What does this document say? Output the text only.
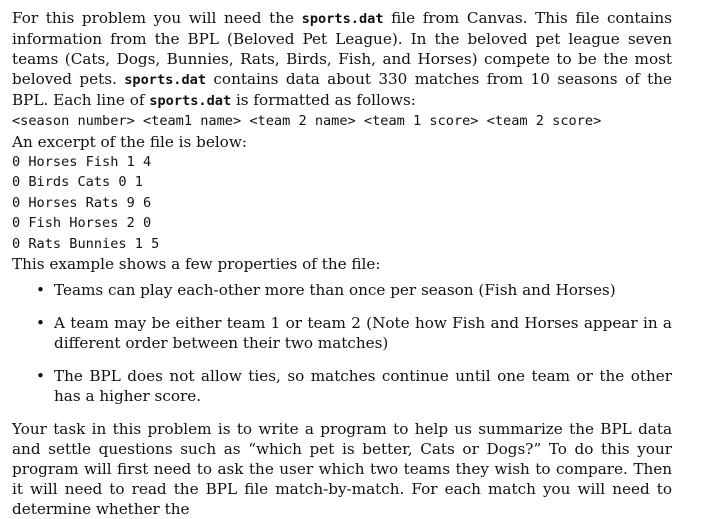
For this problem you will need the sports.dat file from Canvas. This file contains information from the BPL (Beloved Pet League). In the beloved pet league seven teams (Cats, Dogs, Bunnies, Rats, Birds, Fish, and Horses) compete to be the most beloved pets. sports.dat contains data about 330 matches from 10 seasons of the BPL. Each line of sports.dat is formatted as follows:

<season number> <team1 name> <team 2 name> <team 1 score> <team 2 score>

An excerpt of the file is below:

0 Horses Fish 1 4

0 Birds Cats 0 1

0 Horses Rats 9 6

0 Fish Horses 2 0

0 Rats Bunnies 1 5

This example shows a few properties of the file:

• Teams can play each-other more than once per season (Fish and Horses)
• A team may be either team 1 or team 2 (Note how Fish and Horses appear in a different order between their two matches)
• The BPL does not allow ties, so matches continue until one team or the other has a higher score.

Your task in this problem is to write a program to help us summarize the BPL data and settle questions such as “which pet is better, Cats or Dogs?” To do this your program will first need to ask the user which two teams they wish to compare. Then it will need to read the BPL file match-by-match. For each match you will need to determine whether the
